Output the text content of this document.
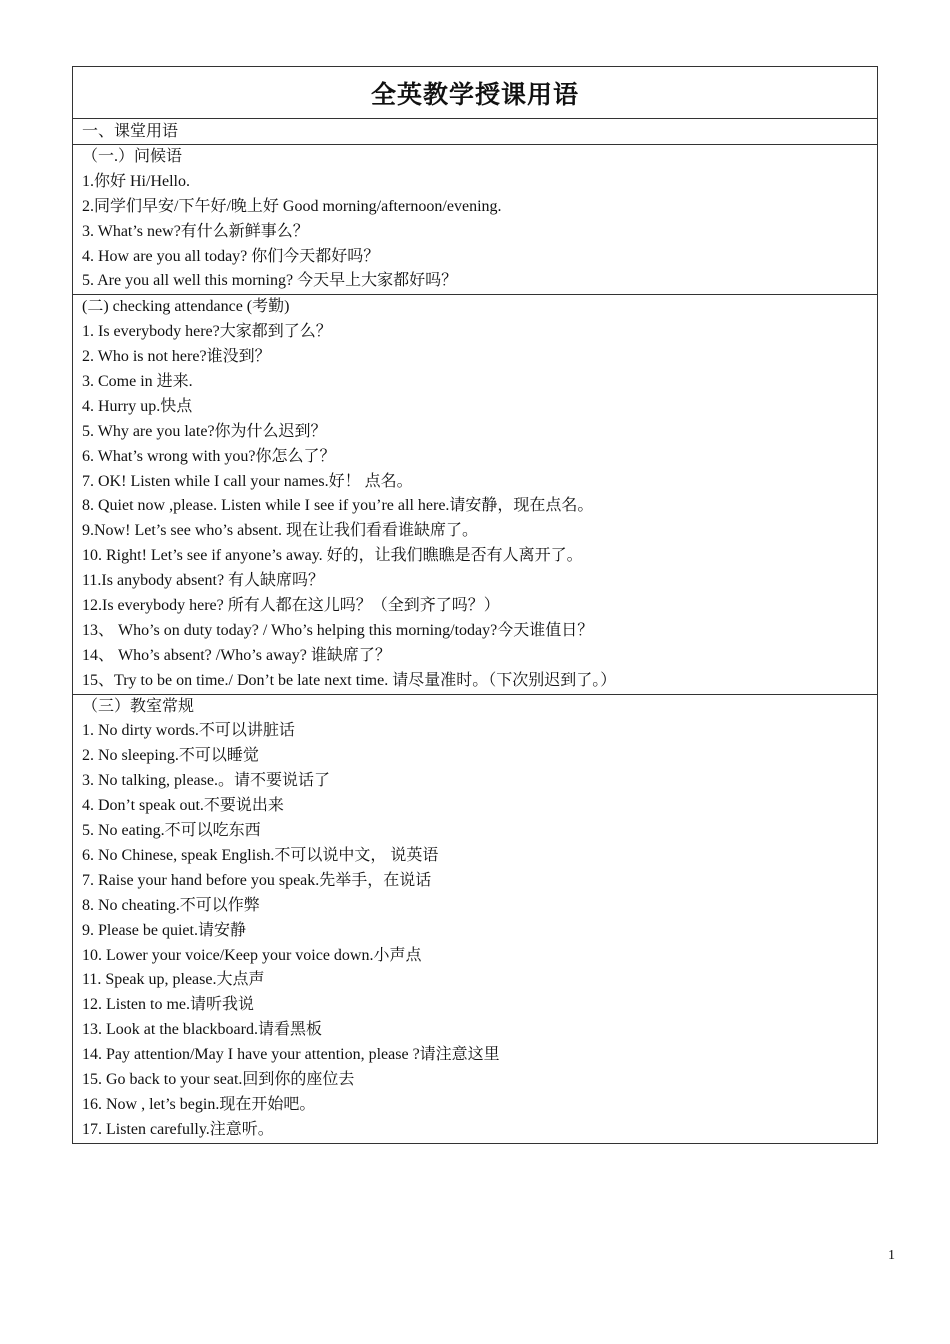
全英教学授课用语
一、课堂用语
（一.）问候语
1.你好 Hi/Hello.
2.同学们早安/下午好/晚上好 Good morning/afternoon/evening.
3. What’s new?有什么新鲜事么？
4. How are you all today? 你们今天都好吗？
5. Are you all well this morning? 今天早上大家都好吗？
(二) checking attendance (考勤)
1. Is everybody here?大家都到了么？
2. Who is not here?谁没到？
3. Come in 进来.
4. Hurry up.快点
5. Why are you late?你为什么迟到？
6. What’s wrong with you?你怎么了？
7. OK! Listen while I call your names.好！ 点名。
8. Quiet now ,please. Listen while I see if you’re all here.请安静，现在点名。
9.Now! Let’s see who’s absent. 现在让我们看看谁缺席了。
10. Right! Let’s see if anyone’s away. 好的，让我们瞧瞧是否有人离开了。
11.Is anybody absent? 有人缺席吗？
12.Is everybody here? 所有人都在这儿吗？（全到齐了吗？）
13、 Who’s on duty today? / Who’s helping this morning/today?今天谁值日？
14、 Who’s absent? /Who’s away? 谁缺席了？
15、Try to be on time./ Don’t be late next time. 请尽量准时。（下次别迟到了。）
（三）教室常规
1. No dirty words.不可以讲脏话
2. No sleeping.不可以睡觉
3. No talking, please.。请不要说话了
4. Don’t speak out.不要说出来
5. No eating.不可以吃东西
6. No Chinese, speak English.不可以说中文， 说英语
7. Raise your hand before you speak.先举手，在说话
8. No cheating.不可以作弊
9. Please be quiet.请安静
10. Lower your voice/Keep your voice down.小声点
11. Speak up, please.大点声
12. Listen to me.请听我说
13. Look at the blackboard.请看黑板
14. Pay attention/May I have your attention, please ?请注意这里
15. Go back to your seat.回到你的座位去
16. Now , let’s begin.现在开始吧。
17. Listen carefully.注意听。
1
